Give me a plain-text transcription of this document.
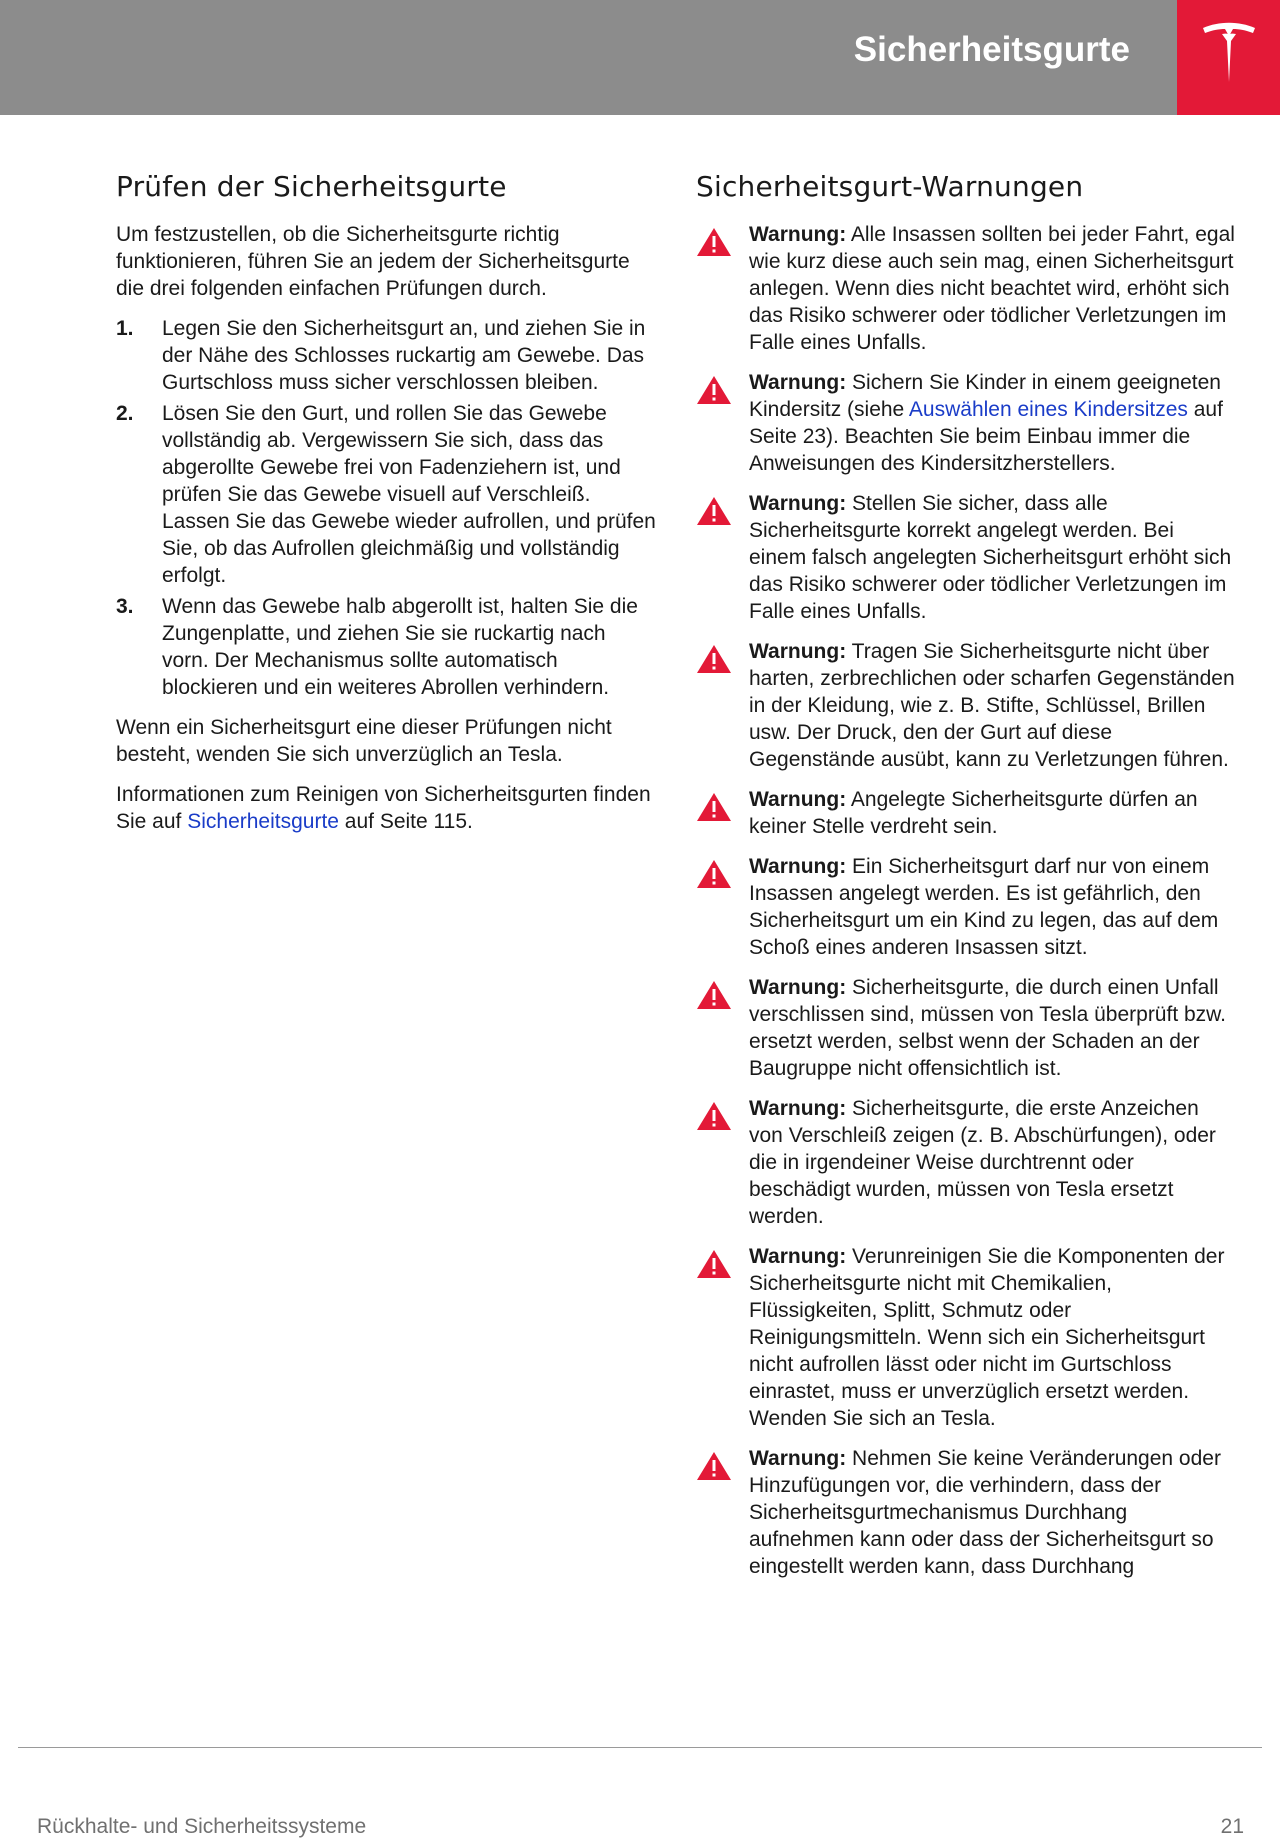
Sicherheitsgurte
Prüfen der Sicherheitsgurte

Um festzustellen, ob die Sicherheitsgurte richtig funktionieren, führen Sie an jedem der Sicherheitsgurte die drei folgenden einfachen Prüfungen durch.

1. Legen Sie den Sicherheitsgurt an, und ziehen Sie in der Nähe des Schlosses ruckartig am Gewebe. Das Gurtschloss muss sicher verschlossen bleiben.
2. Lösen Sie den Gurt, und rollen Sie das Gewebe vollständig ab. Vergewissern Sie sich, dass das abgerollte Gewebe frei von Fadenziehern ist, und prüfen Sie das Gewebe visuell auf Verschleiß. Lassen Sie das Gewebe wieder aufrollen, und prüfen Sie, ob das Aufrollen gleichmäßig und vollständig erfolgt.
3. Wenn das Gewebe halb abgerollt ist, halten Sie die Zungenplatte, und ziehen Sie sie ruckartig nach vorn. Der Mechanismus sollte automatisch blockieren und ein weiteres Abrollen verhindern.

Wenn ein Sicherheitsgurt eine dieser Prüfungen nicht besteht, wenden Sie sich unverzüglich an Tesla.

Informationen zum Reinigen von Sicherheitsgurten finden Sie auf Sicherheitsgurte auf Seite 115.

Sicherheitsgurt-Warnungen
Warnung: Alle Insassen sollten bei jeder Fahrt, egal wie kurz diese auch sein mag, einen Sicherheitsgurt anlegen. Wenn dies nicht beachtet wird, erhöht sich das Risiko schwerer oder tödlicher Verletzungen im Falle eines Unfalls.
Warnung: Sichern Sie Kinder in einem geeigneten Kindersitz (siehe Auswählen eines Kindersitzes auf Seite 23). Beachten Sie beim Einbau immer die Anweisungen des Kindersitzherstellers.
Warnung: Stellen Sie sicher, dass alle Sicherheitsgurte korrekt angelegt werden. Bei einem falsch angelegten Sicherheitsgurt erhöht sich das Risiko schwerer oder tödlicher Verletzungen im Falle eines Unfalls.
Warnung: Tragen Sie Sicherheitsgurte nicht über harten, zerbrechlichen oder scharfen Gegenständen in der Kleidung, wie z. B. Stifte, Schlüssel, Brillen usw. Der Druck, den der Gurt auf diese Gegenstände ausübt, kann zu Verletzungen führen.
Warnung: Angelegte Sicherheitsgurte dürfen an keiner Stelle verdreht sein.
Warnung: Ein Sicherheitsgurt darf nur von einem Insassen angelegt werden. Es ist gefährlich, den Sicherheitsgurt um ein Kind zu legen, das auf dem Schoß eines anderen Insassen sitzt.
Warnung: Sicherheitsgurte, die durch einen Unfall verschlissen sind, müssen von Tesla überprüft bzw. ersetzt werden, selbst wenn der Schaden an der Baugruppe nicht offensichtlich ist.
Warnung: Sicherheitsgurte, die erste Anzeichen von Verschleiß zeigen (z. B. Abschürfungen), oder die in irgendeiner Weise durchtrennt oder beschädigt wurden, müssen von Tesla ersetzt werden.
Warnung: Verunreinigen Sie die Komponenten der Sicherheitsgurte nicht mit Chemikalien, Flüssigkeiten, Splitt, Schmutz oder Reinigungsmitteln. Wenn sich ein Sicherheitsgurt nicht aufrollen lässt oder nicht im Gurtschloss einrastet, muss er unverzüglich ersetzt werden. Wenden Sie sich an Tesla.
Warnung: Nehmen Sie keine Veränderungen oder Hinzufügungen vor, die verhindern, dass der Sicherheitsgurtmechanismus Durchhang aufnehmen kann oder dass der Sicherheitsgurt so eingestellt werden kann, dass Durchhang
Rückhalte- und Sicherheitssysteme	21
